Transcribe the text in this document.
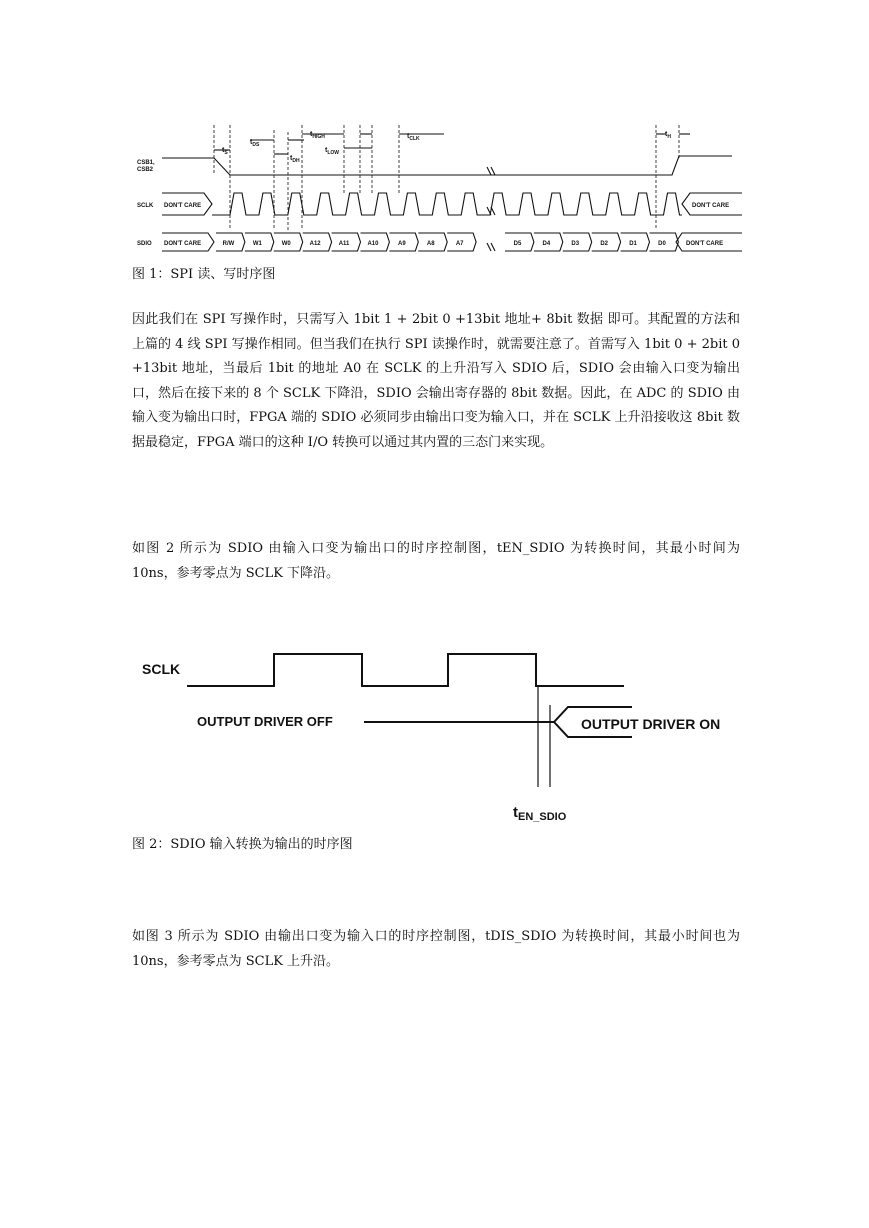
$t_S$
$t_{DS}$
$t_{DH}$
$t_{HIGH}$
$t_{LOW}$
$t_{CLK}$
$t_H$
CSB1,
CSB2
SCLK DON'T CARE	DON'T CARE
SDIO DON'T CARE	DON'T CARE
R/W	W1	W0	A12	A11	A10	A9	A8	A7	D5	D4	D3	D2	D1	D0
图 1：SPI 读、写时序图
因此我们在 SPI 写操作时，只需写入 1bit 1 + 2bit 0 +13bit 地址+ 8bit 数据 即可。其配置的方法和上篇的 4 线 SPI 写操作相同。但当我们在执行 SPI 读操作时，就需要注意了。首需写入 1bit 0 + 2bit 0 +13bit 地址，当最后 1bit 的地址 A0 在 SCLK 的上升沿写入 SDIO 后，SDIO 会由输入口变为输出口，然后在接下来的 8 个 SCLK 下降沿，SDIO 会输出寄存器的 8bit 数据。因此，在 ADC 的 SDIO 由输入变为输出口时，FPGA 端的 SDIO 必须同步由输出口变为输入口，并在 SCLK 上升沿接收这 8bit 数据最稳定，FPGA 端口的这种 I/O 转换可以通过其内置的三态门来实现。
如图 2 所示为 SDIO 由输入口变为输出口的时序控制图，tEN_SDIO 为转换时间，其最小时间为 10ns，参考零点为 SCLK 下降沿。
SCLK
OUTPUT DRIVER OFF	OUTPUT DRIVER ON
$t_{EN\_SDIO}$
图 2：SDIO 输入转换为输出的时序图
如图 3 所示为 SDIO 由输出口变为输入口的时序控制图，tDIS_SDIO 为转换时间，其最小时间也为 10ns，参考零点为 SCLK 上升沿。
